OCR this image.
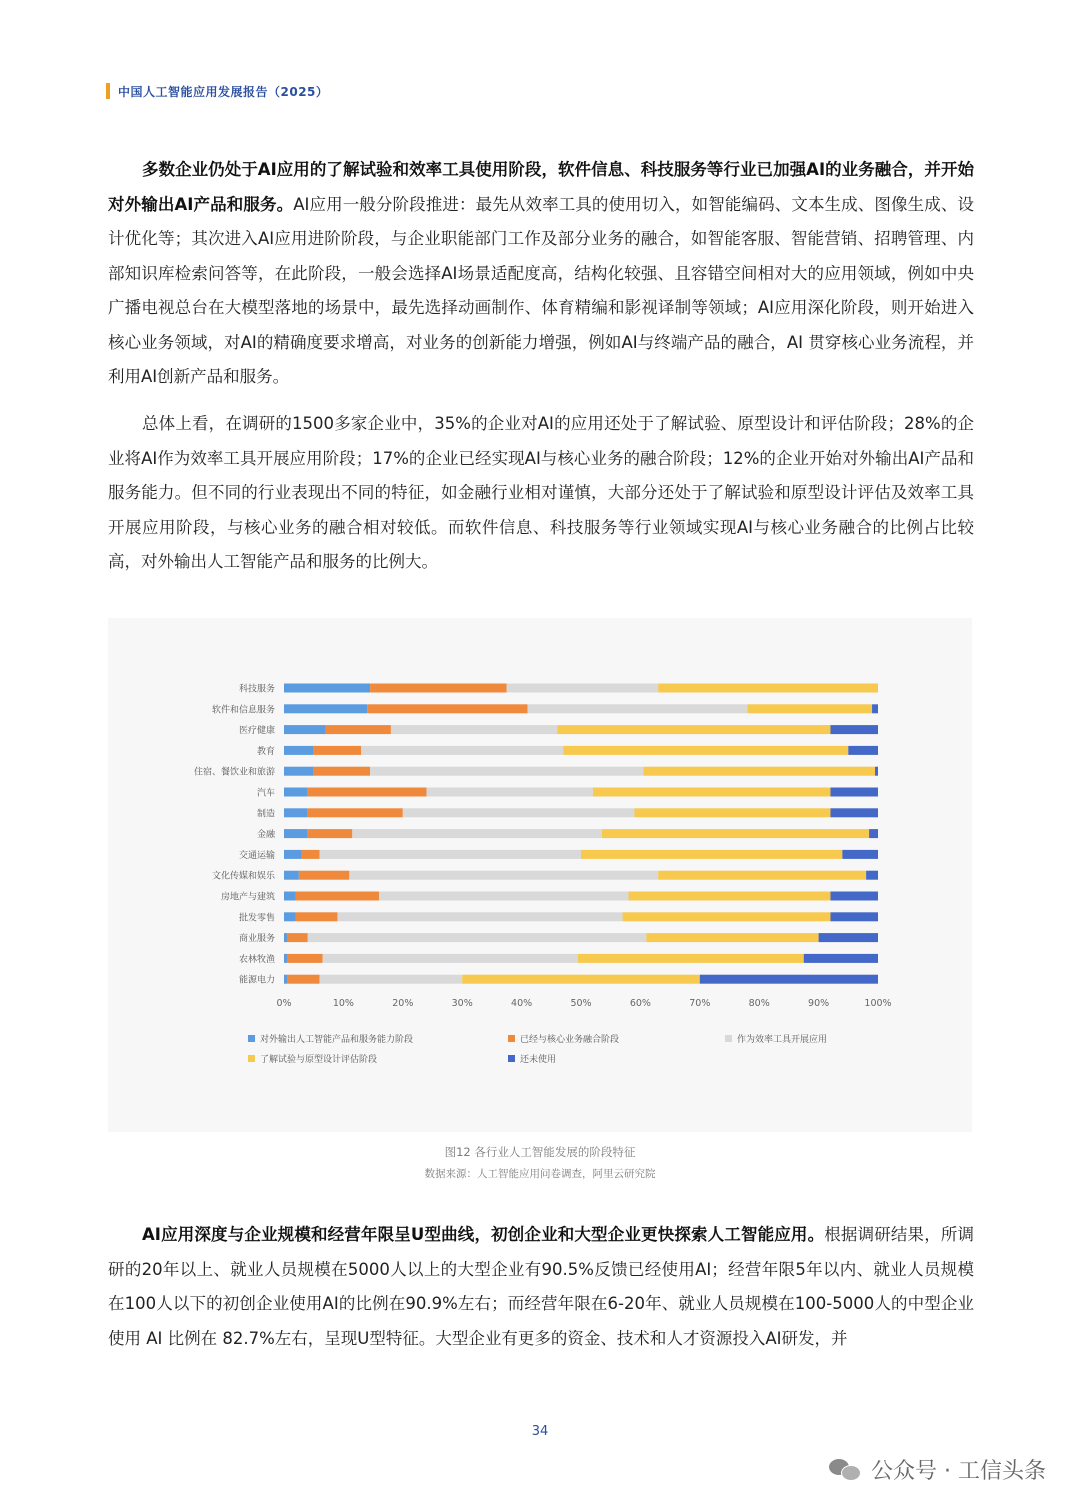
中国人工智能应用发展报告（2025）

多数企业仍处于AI应用的了解试验和效率工具使用阶段，软件信息、科技服务等行业已加强AI的业务融合，并开始对外输出AI产品和服务。AI应用一般分阶段推进：最先从效率工具的使用切入，如智能编码、文本生成、图像生成、设计优化等；其次进入AI应用进阶阶段，与企业职能部门工作及部分业务的融合，如智能客服、智能营销、招聘管理、内部知识库检索问答等，在此阶段，一般会选择AI场景适配度高，结构化较强、且容错空间相对大的应用领域，例如中央广播电视总台在大模型落地的场景中，最先选择动画制作、体育精编和影视译制等领域；AI应用深化阶段，则开始进入核心业务领域，对AI的精确度要求增高，对业务的创新能力增强，例如AI与终端产品的融合，AI 贯穿核心业务流程，并利用AI创新产品和服务。

总体上看，在调研的1500多家企业中，35%的企业对AI的应用还处于了解试验、原型设计和评估阶段；28%的企业将AI作为效率工具开展应用阶段；17%的企业已经实现AI与核心业务的融合阶段；12%的企业开始对外输出AI产品和服务能力。但不同的行业表现出不同的特征，如金融行业相对谨慎，大部分还处于了解试验和原型设计评估及效率工具开展应用阶段，与核心业务的融合相对较低。而软件信息、科技服务等行业领域实现AI与核心业务融合的比例占比较高，对外输出人工智能产品和服务的比例大。

科技服务
软件和信息服务
医疗健康
教育
住宿、餐饮业和旅游
汽车
制造
金融
交通运输
文化传媒和娱乐
房地产与建筑
批发零售
商业服务
农林牧渔
能源电力
0%	10%	20%	30%	40%	50%	60%	70%	80%	90%	100%
对外输出人工智能产品和服务能力阶段	已经与核心业务融合阶段	作为效率工具开展应用
了解试验与原型设计评估阶段	还未使用
图12 各行业人工智能发展的阶段特征
数据来源：人工智能应用问卷调查，阿里云研究院

AI应用深度与企业规模和经营年限呈U型曲线，初创企业和大型企业更快探索人工智能应用。根据调研结果，所调研的20年以上、就业人员规模在5000人以上的大型企业有90.5%反馈已经使用AI；经营年限5年以内、就业人员规模在100人以下的初创企业使用AI的比例在90.9%左右；而经营年限在6-20年、就业人员规模在100-5000人的中型企业使用 AI 比例在 82.7%左右，呈现U型特征。大型企业有更多的资金、技术和人才资源投入AI研发，并

34
公众号 · 工信头条
